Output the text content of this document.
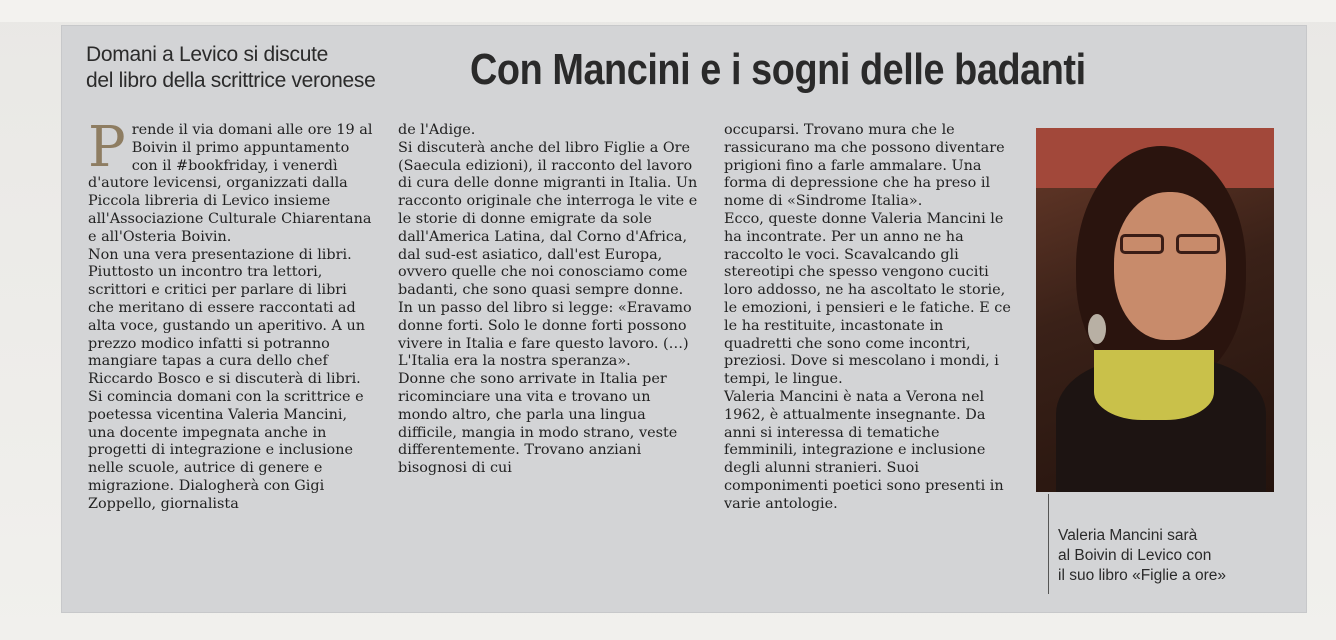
Domani a Levico si discute
del libro della scrittrice veronese	Con Mancini e i sogni delle badanti
P rende il via domani alle ore 19 al Boivin il primo appuntamento con il #bookfriday, i venerdì d'autore levicensi, organizzati dalla Piccola libreria di Levico insieme all'Associazione Culturale Chiarentana e all'Osteria Boivin.

Non una vera presentazione di libri. Piuttosto un incontro tra lettori, scrittori e critici per parlare di libri che meritano di essere raccontati ad alta voce, gustando un aperitivo. A un prezzo modico infatti si potranno mangiare tapas a cura dello chef Riccardo Bosco e si discuterà di libri.

Si comincia domani con la scrittrice e poetessa vicentina Valeria Mancini, una docente impegnata anche in progetti di integrazione e inclusione nelle scuole, autrice di genere e migrazione. Dialogherà con Gigi Zoppello, giornalista

de l'Adige.

Si discuterà anche del libro Figlie a Ore (Saecula edizioni), il racconto del lavoro di cura delle donne migranti in Italia. Un racconto originale che interroga le vite e le storie di donne emigrate da sole dall'America Latina, dal Corno d'Africa, dal sud-est asiatico, dall'est Europa, ovvero quelle che noi conosciamo come badanti, che sono quasi sempre donne.

In un passo del libro si legge: «Eravamo donne forti. Solo le donne forti possono vivere in Italia e fare questo lavoro. (…) L'Italia era la nostra speranza».

Donne che sono arrivate in Italia per ricominciare una vita e trovano un mondo altro, che parla una lingua difficile, mangia in modo strano, veste differentemente. Trovano anziani bisognosi di cui

occuparsi. Trovano mura che le rassicurano ma che possono diventare prigioni fino a farle ammalare. Una forma di depressione che ha preso il nome di «Sindrome Italia».

Ecco, queste donne Valeria Mancini le ha incontrate. Per un anno ne ha raccolto le voci. Scavalcando gli stereotipi che spesso vengono cuciti loro addosso, ne ha ascoltato le storie, le emozioni, i pensieri e le fatiche. E ce le ha restituite, incastonate in quadretti che sono come incontri, preziosi. Dove si mescolano i mondi, i tempi, le lingue.

Valeria Mancini è nata a Verona nel 1962, è attualmente insegnante. Da anni si interessa di tematiche femminili, integrazione e inclusione degli alunni stranieri. Suoi componimenti poetici sono presenti in varie antologie.

Valeria Mancini sarà
al Boivin di Levico con
il suo libro «Figlie a ore»
